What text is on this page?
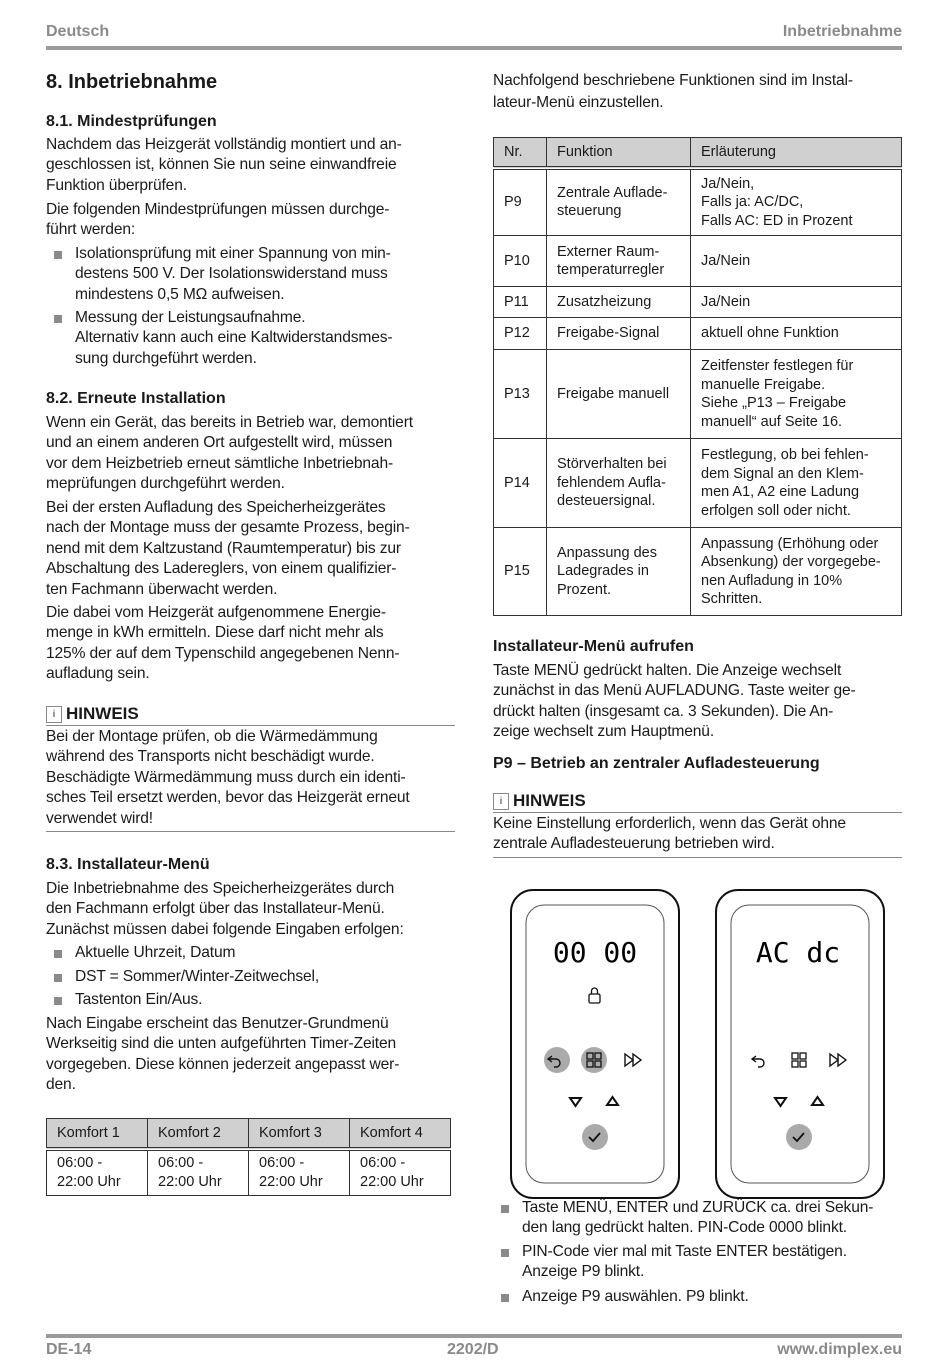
Deutsch	Inbetriebnahme
8. Inbetriebnahme
8.1. Mindestprüfungen
Nachdem das Heizgerät vollständig montiert und an-
geschlossen ist, können Sie nun seine einwandfreie
Funktion überprüfen.
Die folgenden Mindestprüfungen müssen durchge-
führt werden:
Isolationsprüfung mit einer Spannung von min-
destens 500 V. Der Isolationswiderstand muss
mindestens 0,5 MΩ aufweisen.
Messung der Leistungsaufnahme.
Alternativ kann auch eine Kaltwiderstandsmes-
sung durchgeführt werden.
8.2. Erneute Installation
Wenn ein Gerät, das bereits in Betrieb war, demontiert
und an einem anderen Ort aufgestellt wird, müssen
vor dem Heizbetrieb erneut sämtliche Inbetriebnah-
meprüfungen durchgeführt werden.
Bei der ersten Aufladung des Speicherheizgerätes
nach der Montage muss der gesamte Prozess, begin-
nend mit dem Kaltzustand (Raumtemperatur) bis zur
Abschaltung des Ladereglers, von einem qualifizier-
ten Fachmann überwacht werden.
Die dabei vom Heizgerät aufgenommene Energie-
menge in kWh ermitteln. Diese darf nicht mehr als
125% der auf dem Typenschild angegebenen Nenn-
aufladung sein.
i HINWEIS
Bei der Montage prüfen, ob die Wärmedämmung
während des Transports nicht beschädigt wurde.
Beschädigte Wärmedämmung muss durch ein identi-
sches Teil ersetzt werden, bevor das Heizgerät erneut
verwendet wird!
8.3. Installateur-Menü
Die Inbetriebnahme des Speicherheizgerätes durch
den Fachmann erfolgt über das Installateur-Menü.
Zunächst müssen dabei folgende Eingaben erfolgen:
Aktuelle Uhrzeit, Datum
DST = Sommer/Winter-Zeitwechsel,
Tastenton Ein/Aus.
Nach Eingabe erscheint das Benutzer-Grundmenü
Werkseitig sind die unten aufgeführten Timer-Zeiten
vorgegeben. Diese können jederzeit angepasst wer-
den.
Komfort 1	Komfort 2	Komfort 3	Komfort 4
06:00 -
22:00 Uhr	06:00 -
22:00 Uhr	06:00 -
22:00 Uhr	06:00 -
22:00 Uhr
Nachfolgend beschriebene Funktionen sind im Instal-
lateur-Menü einzustellen.
Nr.	Funktion	Erläuterung
P9	Zentrale Auflade-
steuerung	Ja/Nein,
Falls ja: AC/DC,
Falls AC: ED in Prozent
P10	Externer Raum-
temperaturregler	Ja/Nein
P11	Zusatzheizung	Ja/Nein
P12	Freigabe-Signal	aktuell ohne Funktion
P13	Freigabe manuell	Zeitfenster festlegen für
manuelle Freigabe.
Siehe „P13 – Freigabe
manuell“ auf Seite 16.
P14	Störverhalten bei
fehlendem Aufla-
desteuersignal.	Festlegung, ob bei fehlen-
dem Signal an den Klem-
men A1, A2 eine Ladung
erfolgen soll oder nicht.
P15	Anpassung des
Ladegrades in
Prozent.	Anpassung (Erhöhung oder
Absenkung) der vorgegebe-
nen Aufladung in 10%
Schritten.
Installateur-Menü aufrufen
Taste MENÜ gedrückt halten. Die Anzeige wechselt
zunächst in das Menü AUFLADUNG. Taste weiter ge-
drückt halten (insgesamt ca. 3 Sekunden). Die An-
zeige wechselt zum Hauptmenü.
P9 – Betrieb an zentraler Aufladesteuerung
i HINWEIS
Keine Einstellung erforderlich, wenn das Gerät ohne
zentrale Aufladesteuerung betrieben wird.
00 00	AC dc
Taste MENÜ, ENTER und ZURÜCK ca. drei Sekun-
den lang gedrückt halten. PIN-Code 0000 blinkt.
PIN-Code vier mal mit Taste ENTER bestätigen.
Anzeige P9 blinkt.
Anzeige P9 auswählen. P9 blinkt.
DE-14	2202/D	www.dimplex.eu
